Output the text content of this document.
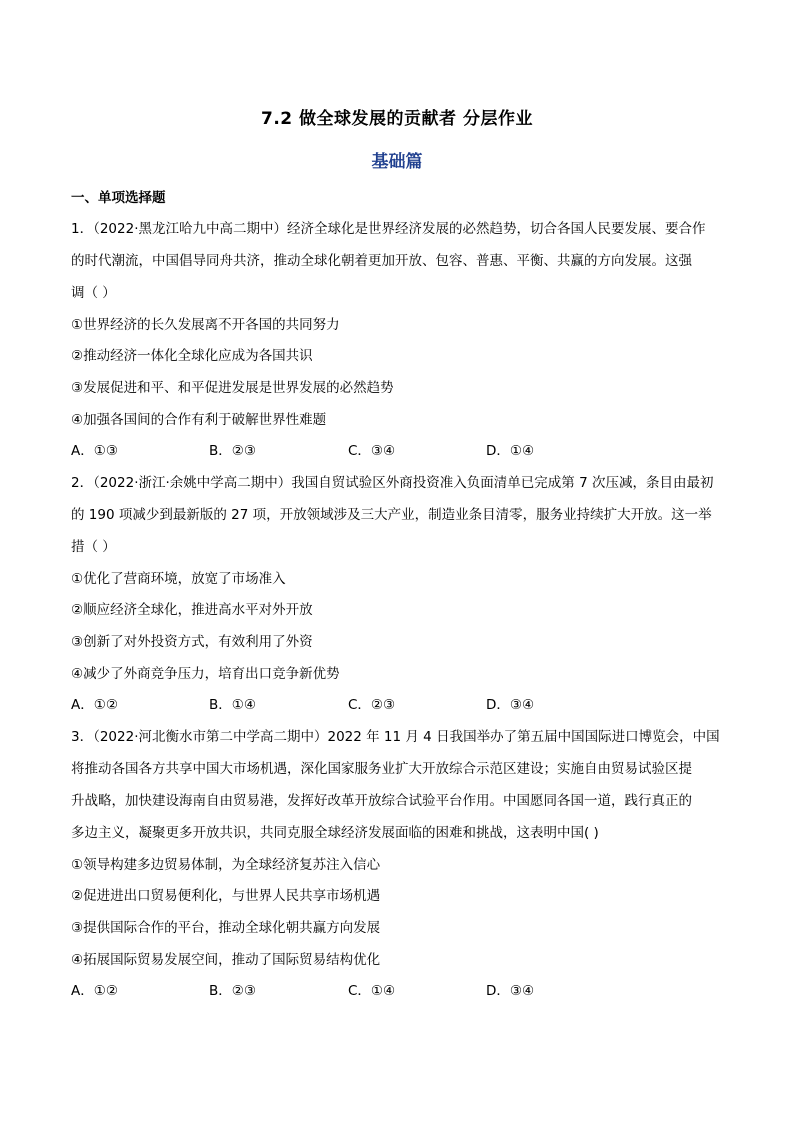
7.2 做全球发展的贡献者 分层作业
基础篇
一、单项选择题
1．（2022·黑龙江哈九中高二期中）经济全球化是世界经济发展的必然趋势，切合各国人民要发展、要合作
的时代潮流，中国倡导同舟共济，推动全球化朝着更加开放、包容、普惠、平衡、共赢的方向发展。这强
调（ ）
①世界经济的长久发展离不开各国的共同努力
②推动经济一体化全球化应成为各国共识
③发展促进和平、和平促进发展是世界发展的必然趋势
④加强各国间的合作有利于破解世界性难题
A．①③	B．②③	C．③④	D．①④
2．（2022·浙江·余姚中学高二期中）我国自贸试验区外商投资准入负面清单已完成第 7 次压减，条目由最初
的 190 项减少到最新版的 27 项，开放领域涉及三大产业，制造业条目清零，服务业持续扩大开放。这一举
措（ ）
①优化了营商环境，放宽了市场准入
②顺应经济全球化，推进高水平对外开放
③创新了对外投资方式，有效利用了外资
④减少了外商竞争压力，培育出口竞争新优势
A．①②	B．①④	C．②③	D．③④
3．（2022·河北衡水市第二中学高二期中）2022 年 11 月 4 日我国举办了第五届中国国际进口博览会，中国
将推动各国各方共享中国大市场机遇，深化国家服务业扩大开放综合示范区建设；实施自由贸易试验区提
升战略，加快建设海南自由贸易港，发挥好改革开放综合试验平台作用。中国愿同各国一道，践行真正的
多边主义，凝聚更多开放共识，共同克服全球经济发展面临的困难和挑战，这表明中国( )
①领导构建多边贸易体制，为全球经济复苏注入信心
②促进进出口贸易便利化，与世界人民共享市场机遇
③提供国际合作的平台，推动全球化朝共赢方向发展
④拓展国际贸易发展空间，推动了国际贸易结构优化
A．①②	B．②③	C．①④	D．③④
